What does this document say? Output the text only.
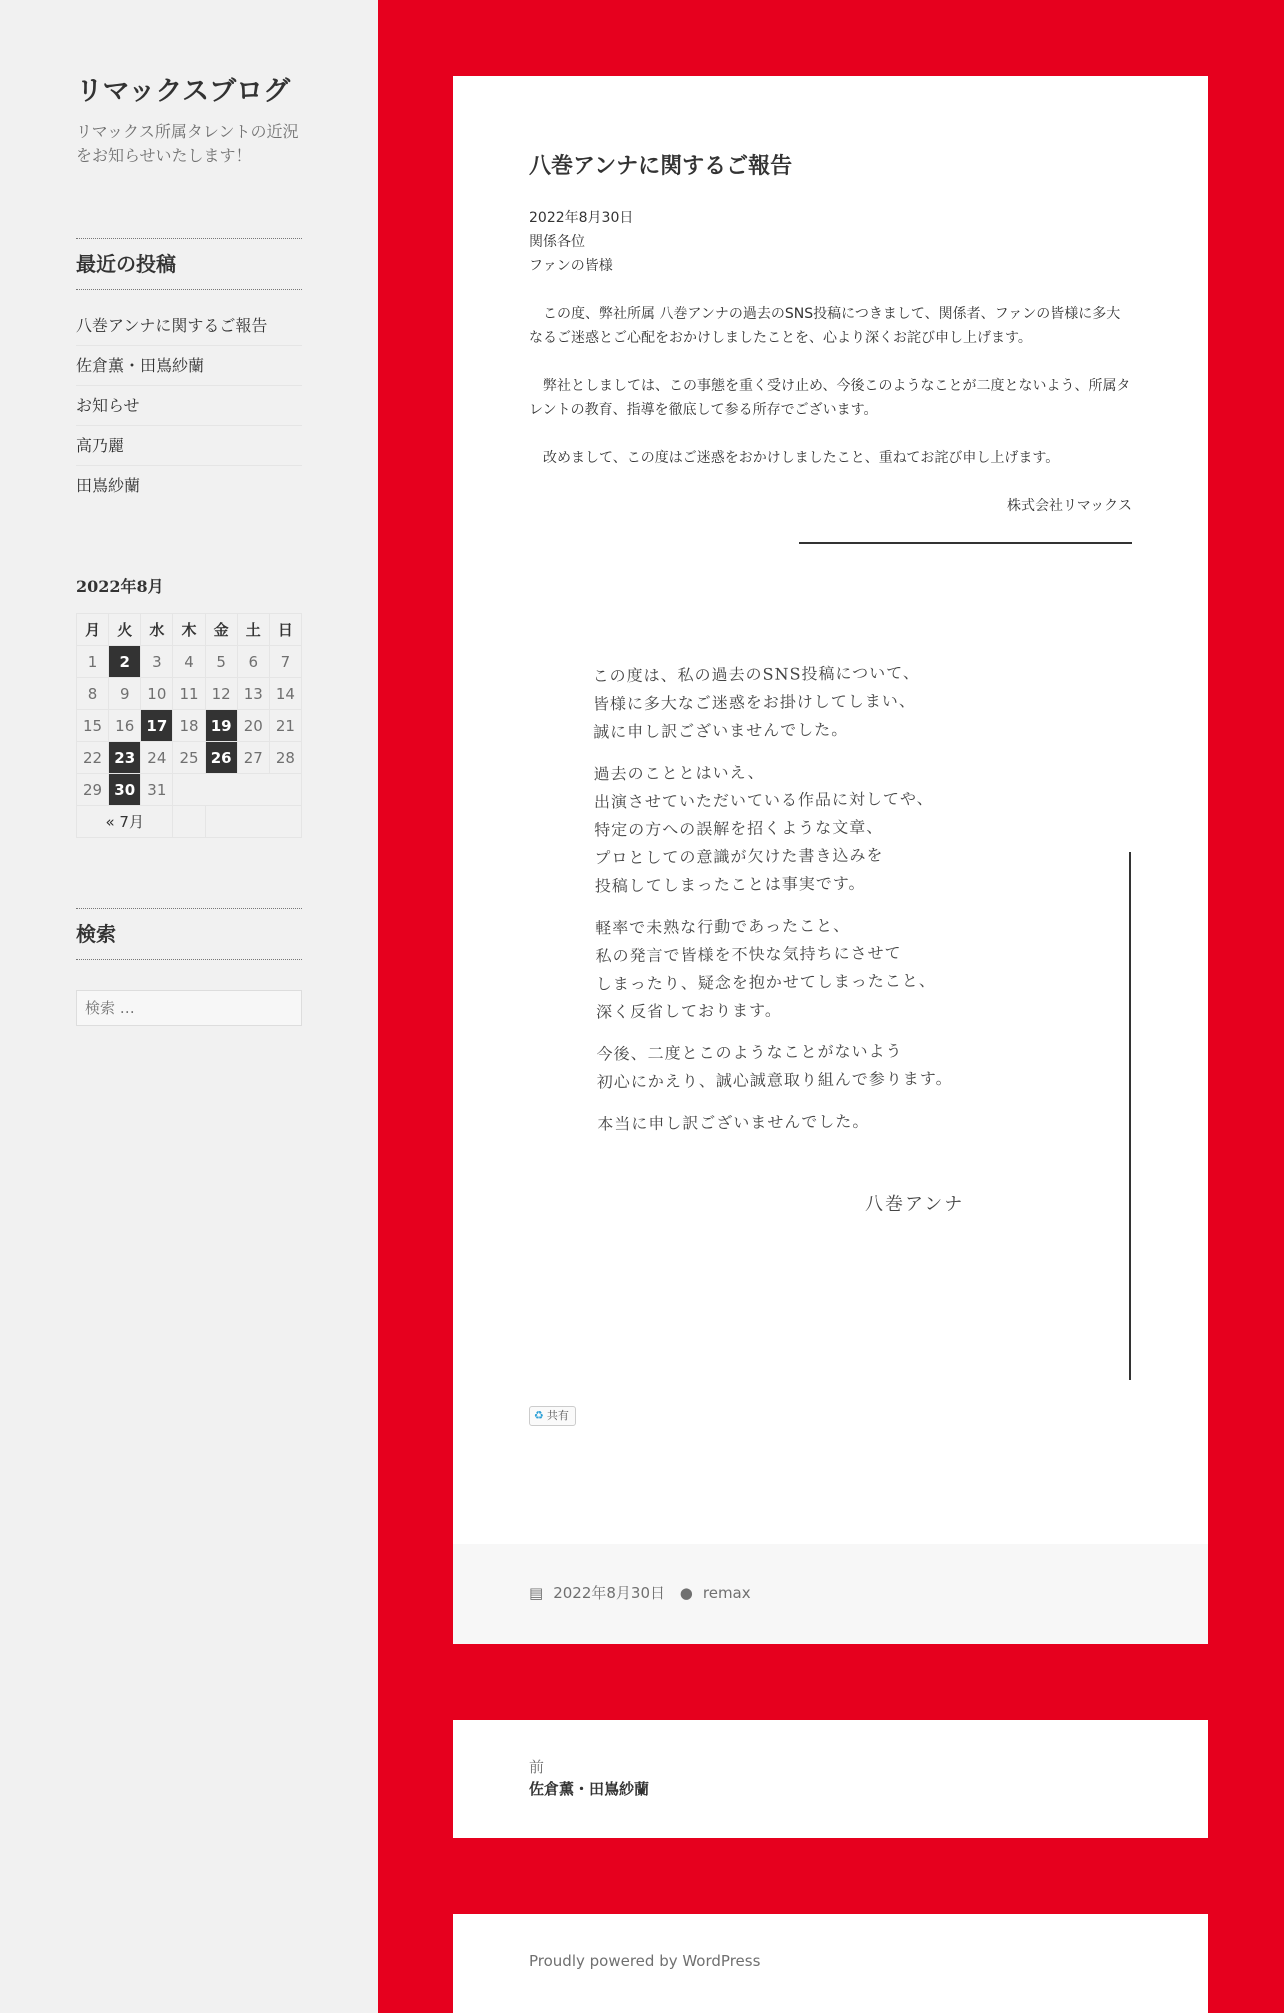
リマックスブログ
リマックス所属タレントの近況をお知らせいたします！
最近の投稿
八巻アンナに関するご報告
佐倉薫・田嶌紗蘭
お知らせ
高乃麗
田嶌紗蘭
2022年8月
月	火	水	木	金	土	日
1	2	3	4	5	6	7
8	9	10	11	12	13	14
15	16	17	18	19	20	21
22	23	24	25	26	27	28
29	30	31				
« 7月						
検索
検索 …
八巻アンナに関するご報告
2022年8月30日
関係各位
ファンの皆様
　この度、弊社所属 八巻アンナの過去のSNS投稿につきまして、関係者、ファンの皆様に多大なるご迷惑とご心配をおかけしましたことを、心より深くお詫び申し上げます。
　弊社としましては、この事態を重く受け止め、今後このようなことが二度とないよう、所属タレントの教育、指導を徹底して参る所存でございます。
　改めまして、この度はご迷惑をおかけしましたこと、重ねてお詫び申し上げます。
株式会社リマックス
この度は、私の過去のSNS投稿について、
皆様に多大なご迷惑をお掛けしてしまい、
誠に申し訳ございませんでした。
過去のこととはいえ、
出演させていただいている作品に対してや、
特定の方への誤解を招くような文章、
プロとしての意識が欠けた書き込みを
投稿してしまったことは事実です。
軽率で未熟な行動であったこと、
私の発言で皆様を不快な気持ちにさせて
しまったり、疑念を抱かせてしまったこと、
深く反省しております。
今後、二度とこのようなことがないよう
初心にかえり、誠心誠意取り組んで参ります。
本当に申し訳ございませんでした。
八巻アンナ
♻ 共有
▤ 2022年8月30日 ● remax
前
佐倉薫・田嶌紗蘭
Proudly powered by WordPress
